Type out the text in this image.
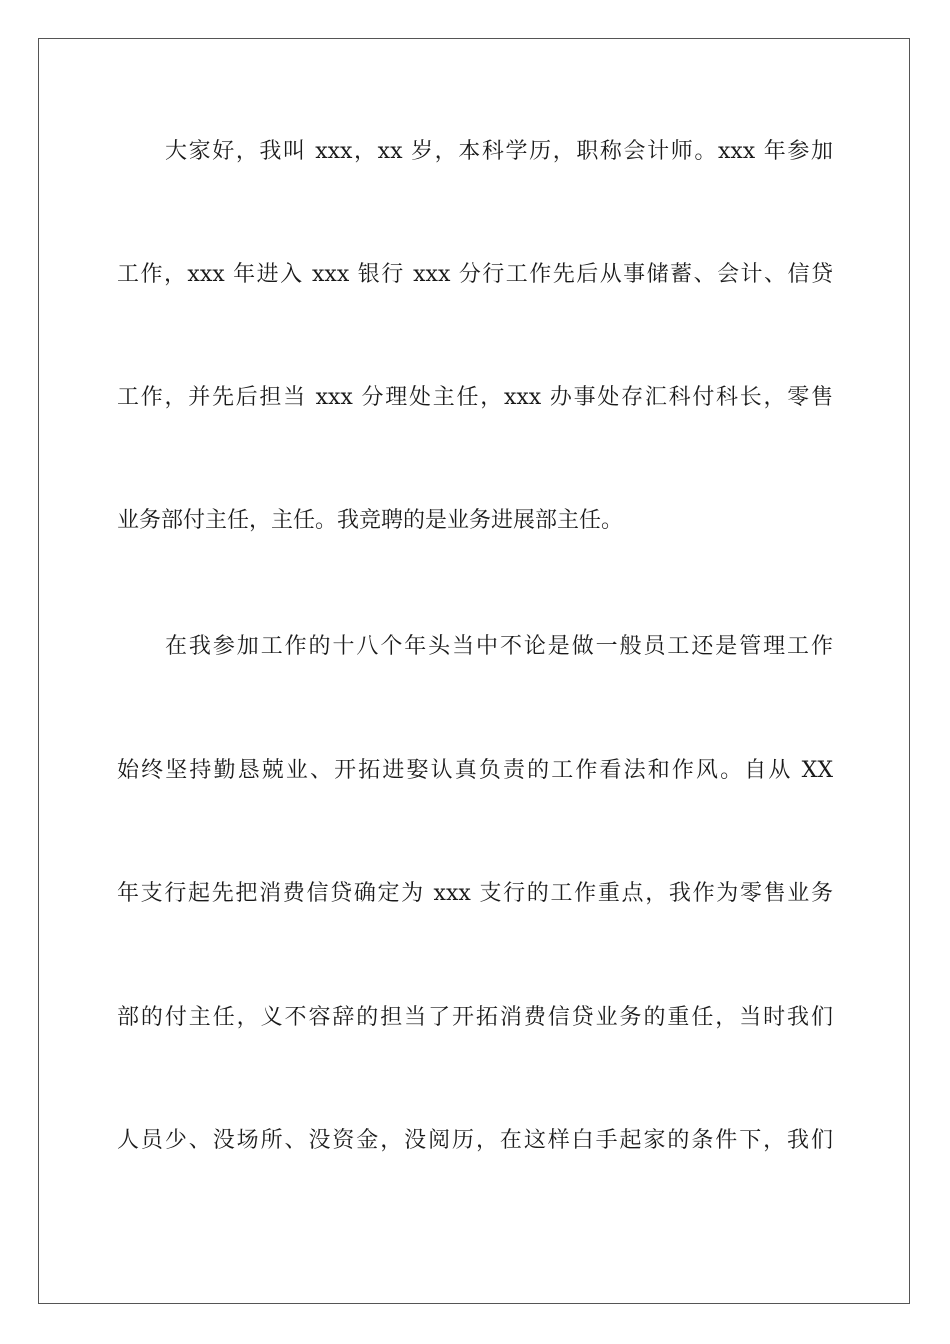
大家好，我叫 xxx，xx 岁，本科学历，职称会计师。xxx 年参加
工作，xxx 年进入 xxx 银行 xxx 分行工作先后从事储蓄、会计、信贷
工作，并先后担当 xxx 分理处主任，xxx 办事处存汇科付科长，零售
业务部付主任，主任。我竞聘的是业务进展部主任。
在我参加工作的十八个年头当中不论是做一般员工还是管理工作
始终坚持勤恳兢业、开拓进娶认真负责的工作看法和作风。自从 XX
年支行起先把消费信贷确定为 xxx 支行的工作重点，我作为零售业务
部的付主任，义不容辞的担当了开拓消费信贷业务的重任，当时我们
人员少、没场所、没资金，没阅历，在这样白手起家的条件下，我们
